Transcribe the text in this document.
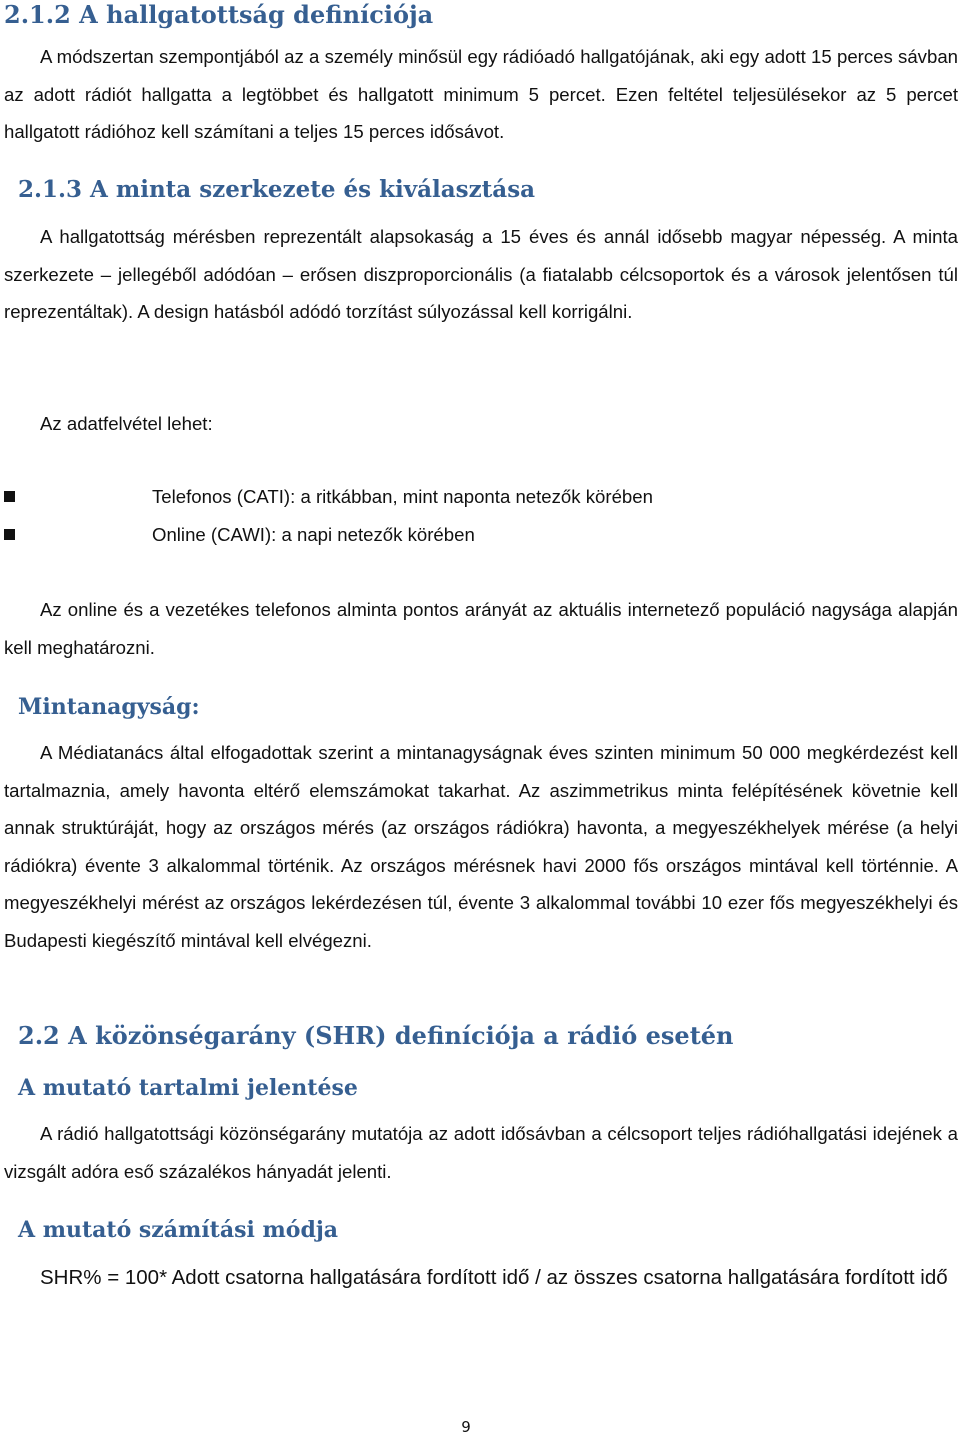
2.1.2 A hallgatottság definíciója

A módszertan szempontjából az a személy minősül egy rádióadó hallgatójának, aki egy adott 15 perces sávban az adott rádiót hallgatta a legtöbbet és hallgatott minimum 5 percet. Ezen feltétel teljesülésekor az 5 percet hallgatott rádióhoz kell számítani a teljes 15 perces idősávot.

2.1.3 A minta szerkezete és kiválasztása

A hallgatottság mérésben reprezentált alapsokaság a 15 éves és annál idősebb magyar népesség. A minta szerkezete – jellegéből adódóan – erősen diszproporcionális (a fiatalabb célcsoportok és a városok jelentősen túl reprezentáltak). A design hatásból adódó torzítást súlyozással kell korrigálni.

Az adatfelvétel lehet:

Telefonos (CATI): a ritkábban, mint naponta netezők körében
Online (CAWI): a napi netezők körében

Az online és a vezetékes telefonos alminta pontos arányát az aktuális internetező populáció nagysága alapján kell meghatározni.

Mintanagyság:

A Médiatanács által elfogadottak szerint a mintanagyságnak éves szinten minimum 50 000 megkérdezést kell tartalmaznia, amely havonta eltérő elemszámokat takarhat. Az aszimmetrikus minta felépítésének követnie kell annak struktúráját, hogy az országos mérés (az országos rádiókra) havonta, a megyeszékhelyek mérése (a helyi rádiókra) évente 3 alkalommal történik. Az országos mérésnek havi 2000 fős országos mintával kell történnie. A megyeszékhelyi mérést az országos lekérdezésen túl, évente 3 alkalommal további 10 ezer fős megyeszékhelyi és Budapesti kiegészítő mintával kell elvégezni.

2.2 A közönségarány (SHR) definíciója a rádió esetén
A mutató tartalmi jelentése

A rádió hallgatottsági közönségarány mutatója az adott idősávban a célcsoport teljes rádióhallgatási idejének a vizsgált adóra eső százalékos hányadát jelenti.

A mutató számítási módja

SHR% = 100* Adott csatorna hallgatására fordított idő / az összes csatorna hallgatására fordított idő

9
